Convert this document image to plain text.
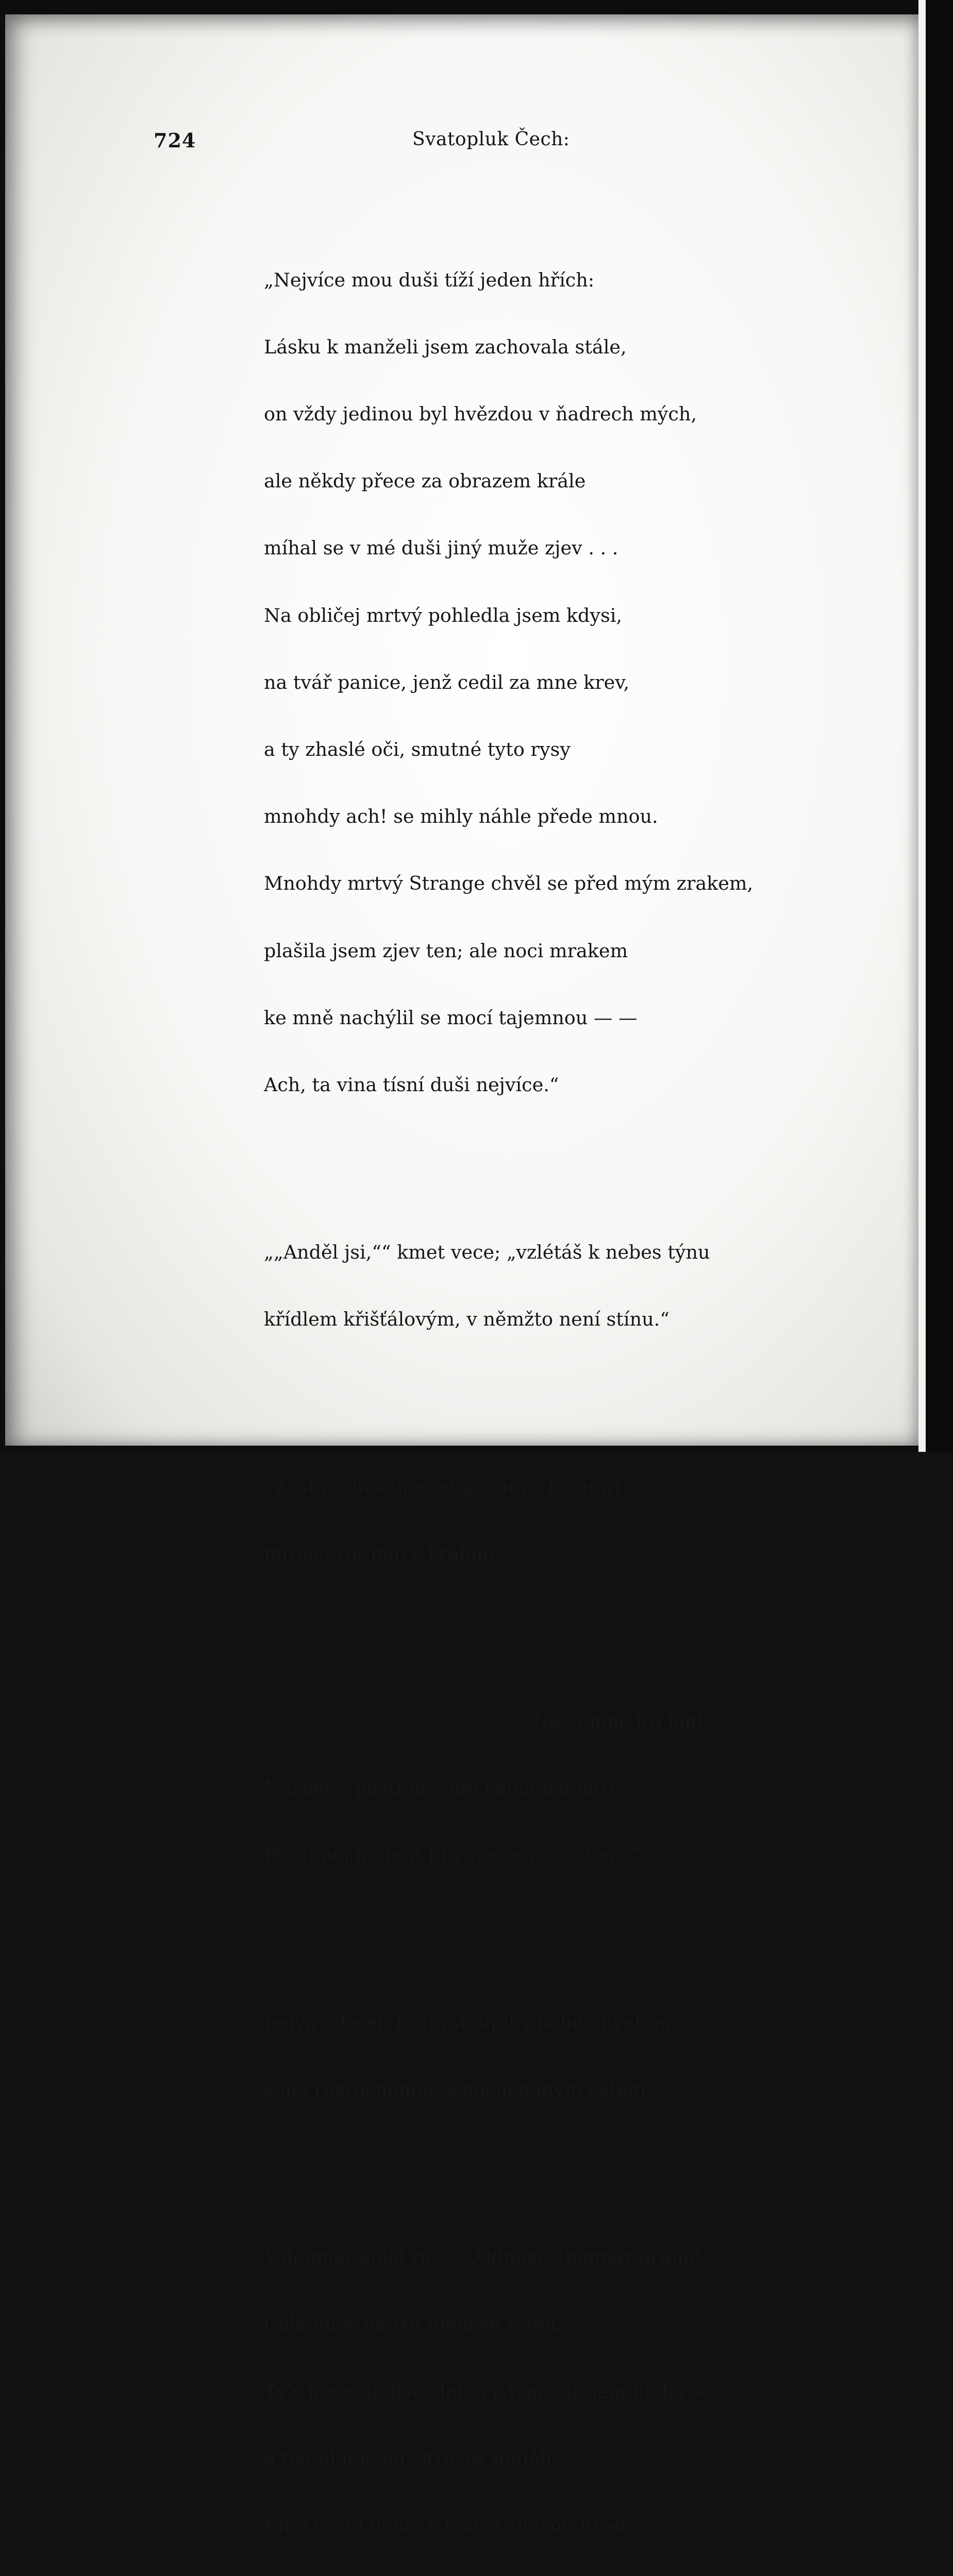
724	Svatopluk Čech:

„Nejvíce mou duši tíží jeden hřích:

Lásku k manželi jsem zachovala stále,

on vždy jedinou byl hvězdou v ňadrech mých,

ale někdy přece za obrazem krále

míhal se v mé duši jiný muže zjev . . .

Na obličej mrtvý pohledla jsem kdysi,

na tvář panice, jenž cedil za mne krev,

a ty zhaslé oči, smutné tyto rysy

mnohdy ach! se mihly náhle přede mnou.

Mnohdy mrtvý Strange chvěl se před mým zrakem,

plašila jsem zjev ten; ale noci mrakem

ke mně nachýlil se mocí tajemnou — —

Ach, ta vina tísní duši nejvíce.“

„„Anděl jsi,““ kmet vece; „vzlétáš k nebes týnu

křídlem křišťálovým, v němžto není stínu.“

„Zůstaň, biskupe, ať poznovu tě smíří

mroucí ret můj s králem.“

„„Nech mne jíti jen!

Nazpět v pustinu chod kajícníka míří.

Požehnej mi jen! Jdu šťasten, očistěn.““

Jedva odešel, král vstoupil v kobu chvatem,

s lící rozrůzněnou, s pocuchaným šatem.

Valdemar spjal ruce: „Odpusť, Dagmar drahá!

Celá duše na rtu mém se tetelí:

Ty's jen mojí hvězdou, čistým zdrojem blaha —

a teď ulétáš mi, strážný anděli?!

Klnu vášni liché, v ňadru žhavou lítost,
